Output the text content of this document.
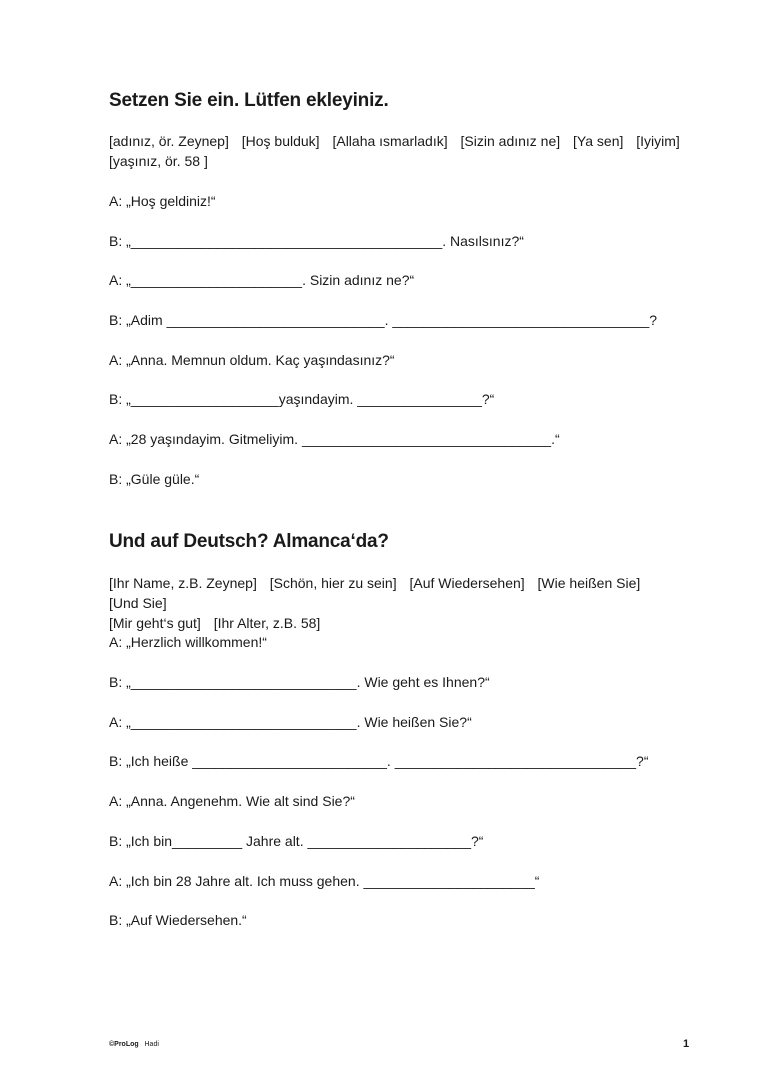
Setzen Sie ein. Lütfen ekleyiniz.
[adınız, ör. Zeynep] [Hoş bulduk] [Allaha ısmarladık] [Sizin adınız ne] [Ya sen] [Iyiyim]
[yaşınız, ör. 58 ]
A: „Hoş geldiniz!“
B: „________________________________________. Nasılsınız?“
A: „______________________. Sizin adınız ne?“
B: „Adim ____________________________. _________________________________?
A: „Anna. Memnun oldum. Kaç yaşındasınız?“
B: „___________________yaşındayim. ________________?“
A: „28 yaşındayim. Gitmeliyim. ________________________________.“
B: „Güle güle.“
Und auf Deutsch? Almanca‘da?
[Ihr Name, z.B. Zeynep] [Schön, hier zu sein] [Auf Wiedersehen] [Wie heißen Sie] [Und Sie]
[Mir geht‘s gut] [Ihr Alter, z.B. 58]
A: „Herzlich willkommen!“
B: „_____________________________. Wie geht es Ihnen?“
A: „_____________________________. Wie heißen Sie?“
B: „Ich heiße _________________________. _______________________________?“
A: „Anna. Angenehm. Wie alt sind Sie?“
B: „Ich bin_________ Jahre alt. _____________________?“
A: „Ich bin 28 Jahre alt. Ich muss gehen. ______________________“
B: „Auf Wiedersehen.“
©ProLog Hadi	1
